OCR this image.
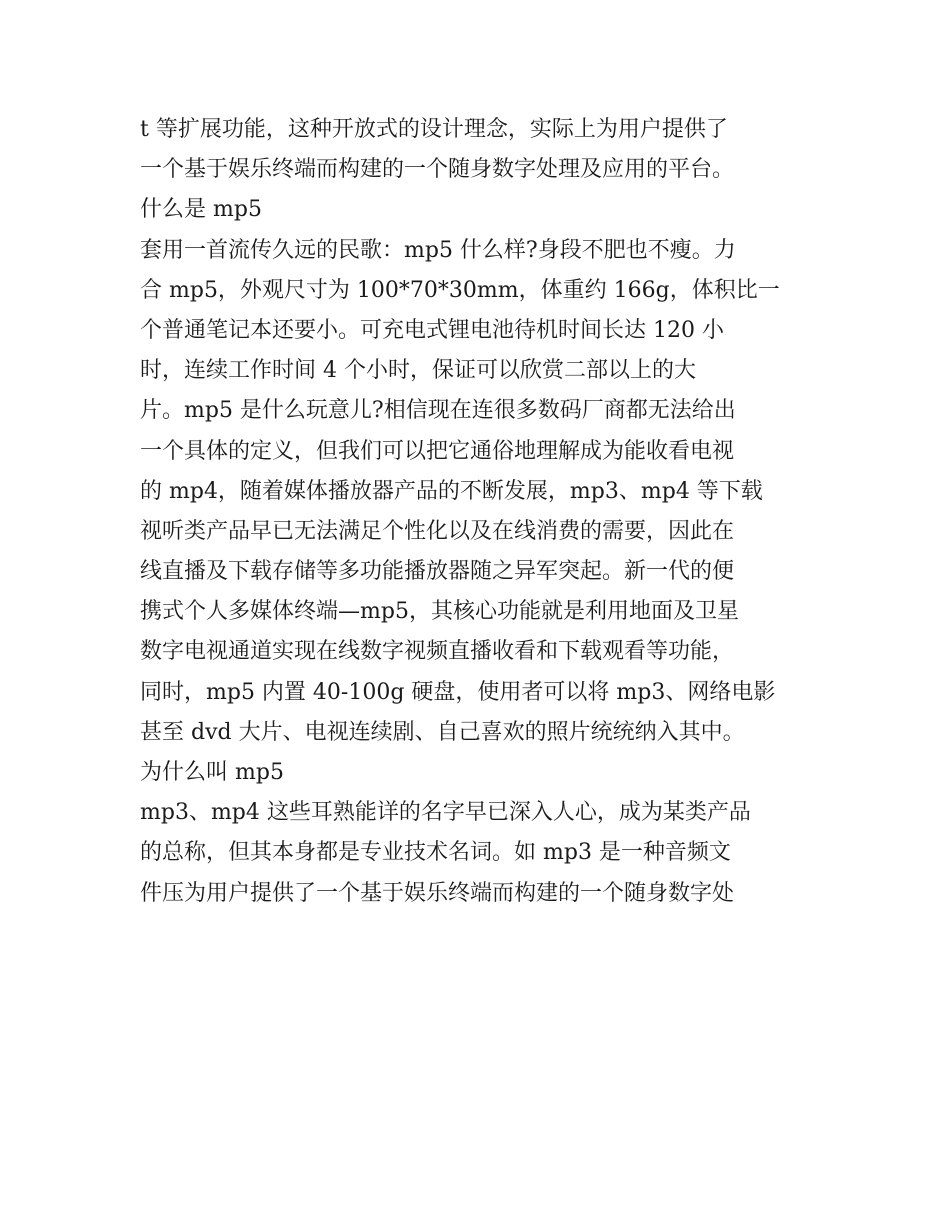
t 等扩展功能，这种开放式的设计理念，实际上为用户提供了
一个基于娱乐终端而构建的一个随身数字处理及应用的平台。
什么是 mp5
套用一首流传久远的民歌：mp5 什么样?身段不肥也不瘦。力
合 mp5，外观尺寸为 100*70*30mm，体重约 166g，体积比一
个普通笔记本还要小。可充电式锂电池待机时间长达 120 小
时，连续工作时间 4 个小时，保证可以欣赏二部以上的大
片。mp5 是什么玩意儿?相信现在连很多数码厂商都无法给出
一个具体的定义，但我们可以把它通俗地理解成为能收看电视
的 mp4，随着媒体播放器产品的不断发展，mp3、mp4 等下载
视听类产品早已无法满足个性化以及在线消费的需要，因此在
线直播及下载存储等多功能播放器随之异军突起。新一代的便
携式个人多媒体终端—mp5，其核心功能就是利用地面及卫星
数字电视通道实现在线数字视频直播收看和下载观看等功能，
同时，mp5 内置 40-100g 硬盘，使用者可以将 mp3、网络电影
甚至 dvd 大片、电视连续剧、自己喜欢的照片统统纳入其中。
为什么叫 mp5
mp3、mp4 这些耳熟能详的名字早已深入人心，成为某类产品
的总称，但其本身都是专业技术名词。如 mp3 是一种音频文
件压为用户提供了一个基于娱乐终端而构建的一个随身数字处
